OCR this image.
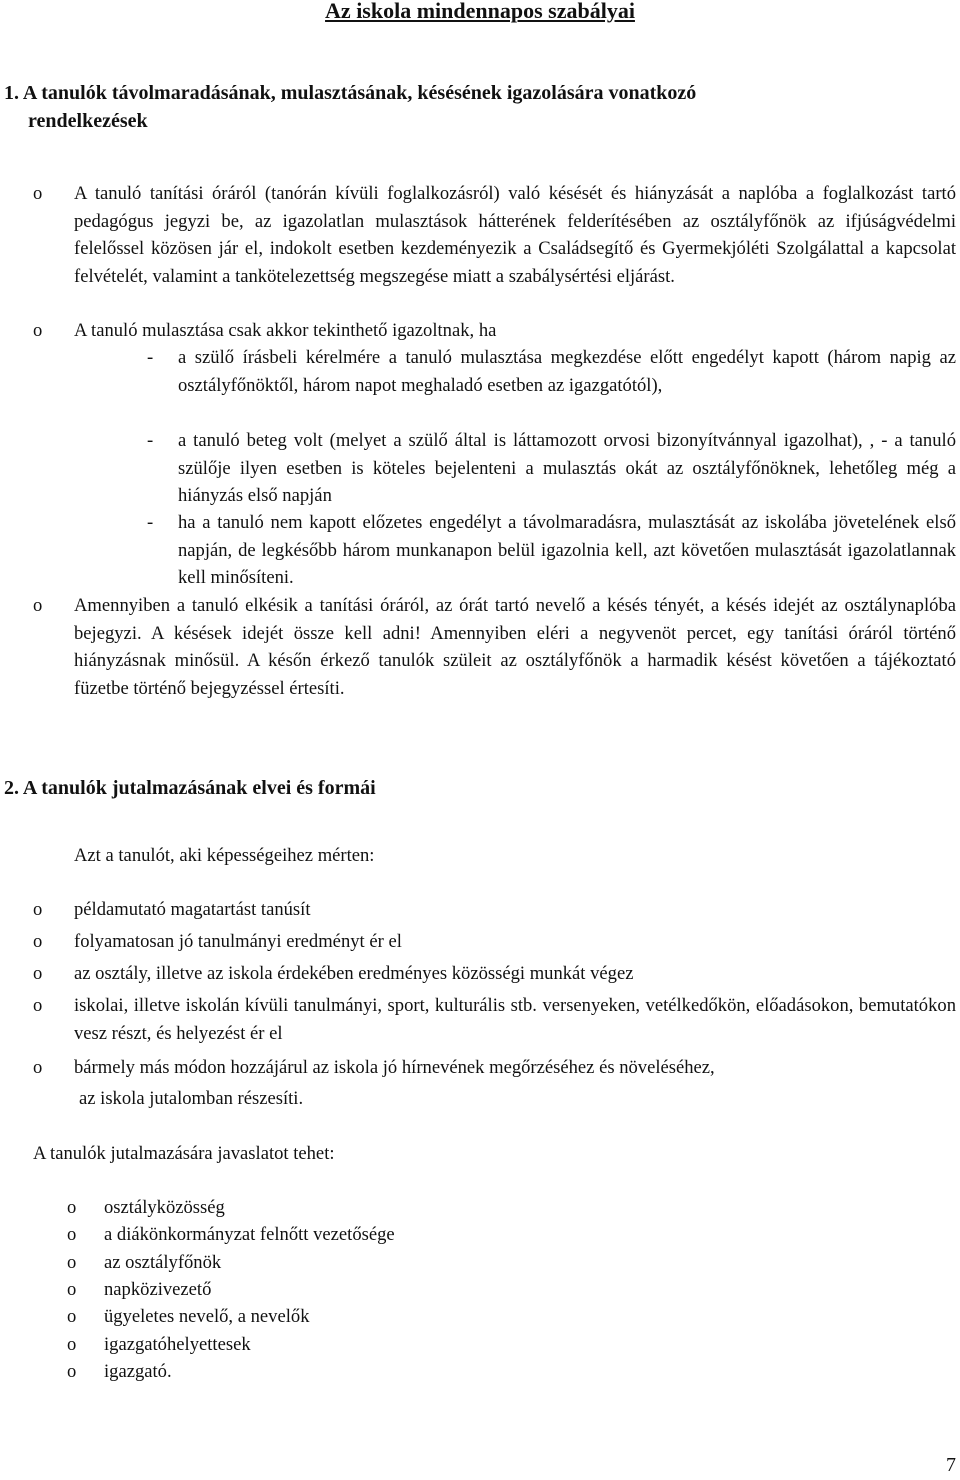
Az iskola mindennapos szabályai
1. A tanulók távolmaradásának, mulasztásának, késésének igazolására vonatkozó
rendelkezések
o A tanuló tanítási óráról (tanórán kívüli foglalkozásról) való késését és hiányzását a naplóba a foglalkozást tartó pedagógus jegyzi be, az igazolatlan mulasztások hátterének felderítésében az osztályfőnök az ifjúságvédelmi felelőssel közösen jár el, indokolt esetben kezdeményezik a Családsegítő és Gyermekjóléti Szolgálattal a kapcsolat felvételét, valamint a tankötelezettség megszegése miatt a szabálysértési eljárást.
o A tanuló mulasztása csak akkor tekinthető igazoltnak, ha
- a szülő írásbeli kérelmére a tanuló mulasztása megkezdése előtt engedélyt kapott (három napig az osztályfőnöktől, három napot meghaladó esetben az igazgatótól),
- a tanuló beteg volt (melyet a szülő által is láttamozott orvosi bizonyítvánnyal igazolhat), , - a tanuló szülője ilyen esetben is köteles bejelenteni a mulasztás okát az osztályfőnöknek, lehetőleg még a hiányzás első napján
- ha a tanuló nem kapott előzetes engedélyt a távolmaradásra, mulasztását az iskolába jövetelének első napján, de legkésőbb három munkanapon belül igazolnia kell, azt követően mulasztását igazolatlannak kell minősíteni.
o Amennyiben a tanuló elkésik a tanítási óráról, az órát tartó nevelő a késés tényét, a késés idejét az osztálynaplóba bejegyzi. A késések idejét össze kell adni! Amennyiben eléri a negyvenöt percet, egy tanítási óráról történő hiányzásnak minősül. A későn érkező tanulók szüleit az osztályfőnök a harmadik késést követően a tájékoztató füzetbe történő bejegyzéssel értesíti.
2. A tanulók jutalmazásának elvei és formái
Azt a tanulót, aki képességeihez mérten:
o példamutató magatartást tanúsít
o folyamatosan jó tanulmányi eredményt ér el
o az osztály, illetve az iskola érdekében eredményes közösségi munkát végez
o iskolai, illetve iskolán kívüli tanulmányi, sport, kulturális stb. versenyeken, vetélkedőkön, előadásokon, bemutatókon vesz részt, és helyezést ér el
o bármely más módon hozzájárul az iskola jó hírnevének megőrzéséhez és növeléséhez,
az iskola jutalomban részesíti.
A tanulók jutalmazására javaslatot tehet:
o osztályközösség
o a diákönkormányzat felnőtt vezetősége
o az osztályfőnök
o napközivezető
o ügyeletes nevelő, a nevelők
o igazgatóhelyettesek
o igazgató.
7
